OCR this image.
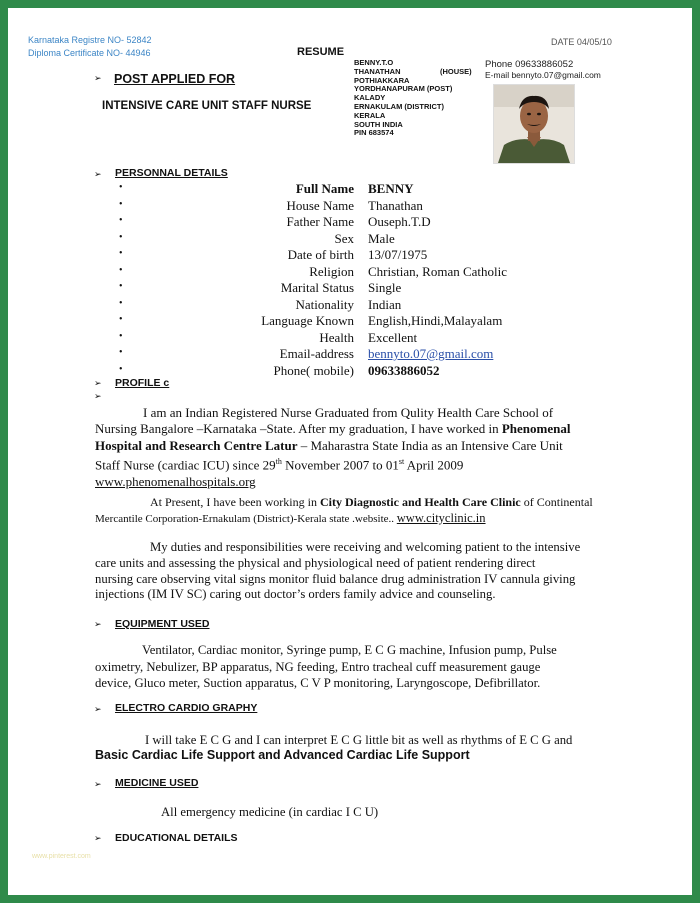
Karnataka Registre NO- 52842
Diploma Certificate NO- 44946
DATE 04/05/10
RESUME
➢ POST APPLIED FOR
INTENSIVE CARE UNIT STAFF NURSE
BENNY.T.O
THANATHAN	(HOUSE)
POTHIAKKARA
YORDHANAPURAM (POST)
KALADY
ERNAKULAM (DISTRICT)
KERALA
SOUTH INDIA
PIN 683574
Phone 09633886052
E-mail bennyto.07@gmail.com
➢ PERSONNAL DETAILS
•	Full Name BENNY
•	House Name Thanathan
•	Father Name Ouseph.T.D
•	Sex Male
•	Date of birth 13/07/1975
•	Religion Christian, Roman Catholic
•	Marital Status Single
•	Nationality Indian
•	Language Known English,Hindi,Malayalam
•	Health Excellent
•	Email-address bennyto.07@gmail.com
•	Phone( mobile) 09633886052
➢ PROFILE c
➢
I am an Indian Registered Nurse Graduated from Qulity Health Care School of
Nursing Bangalore –Karnataka –State. After my graduation, I have worked in Phenomenal
Hospital and Research Centre Latur – Maharastra State India as an Intensive Care Unit
Staff Nurse (cardiac ICU) since 29th November 2007 to 01st April 2009
www.phenomenalhospitals.org
At Present, I have been working in City Diagnostic and Health Care Clinic of Continental
Mercantile Corporation-Ernakulam (District)-Kerala state .website.. www.cityclinic.in
My duties and responsibilities were receiving and welcoming patient to the intensive
care units and assessing the physical and physiological need of patient rendering direct
nursing care observing vital signs monitor fluid balance drug administration IV cannula giving
injections (IM IV SC) caring out doctor’s orders family advice and counseling.
➢ EQUIPMENT USED
Ventilator, Cardiac monitor, Syringe pump, E C G machine, Infusion pump, Pulse
oximetry, Nebulizer, BP apparatus, NG feeding, Entro tracheal cuff measurement gauge
device, Gluco meter, Suction apparatus, C V P monitoring, Laryngoscope, Defibrillator.
➢ ELECTRO CARDIO GRAPHY
I will take E C G and I can interpret E C G little bit as well as rhythms of E C G and
Basic Cardiac Life Support and Advanced Cardiac Life Support
➢ MEDICINE USED
All emergency medicine (in cardiac I C U)
➢ EDUCATIONAL DETAILS
www.pinterest.com
